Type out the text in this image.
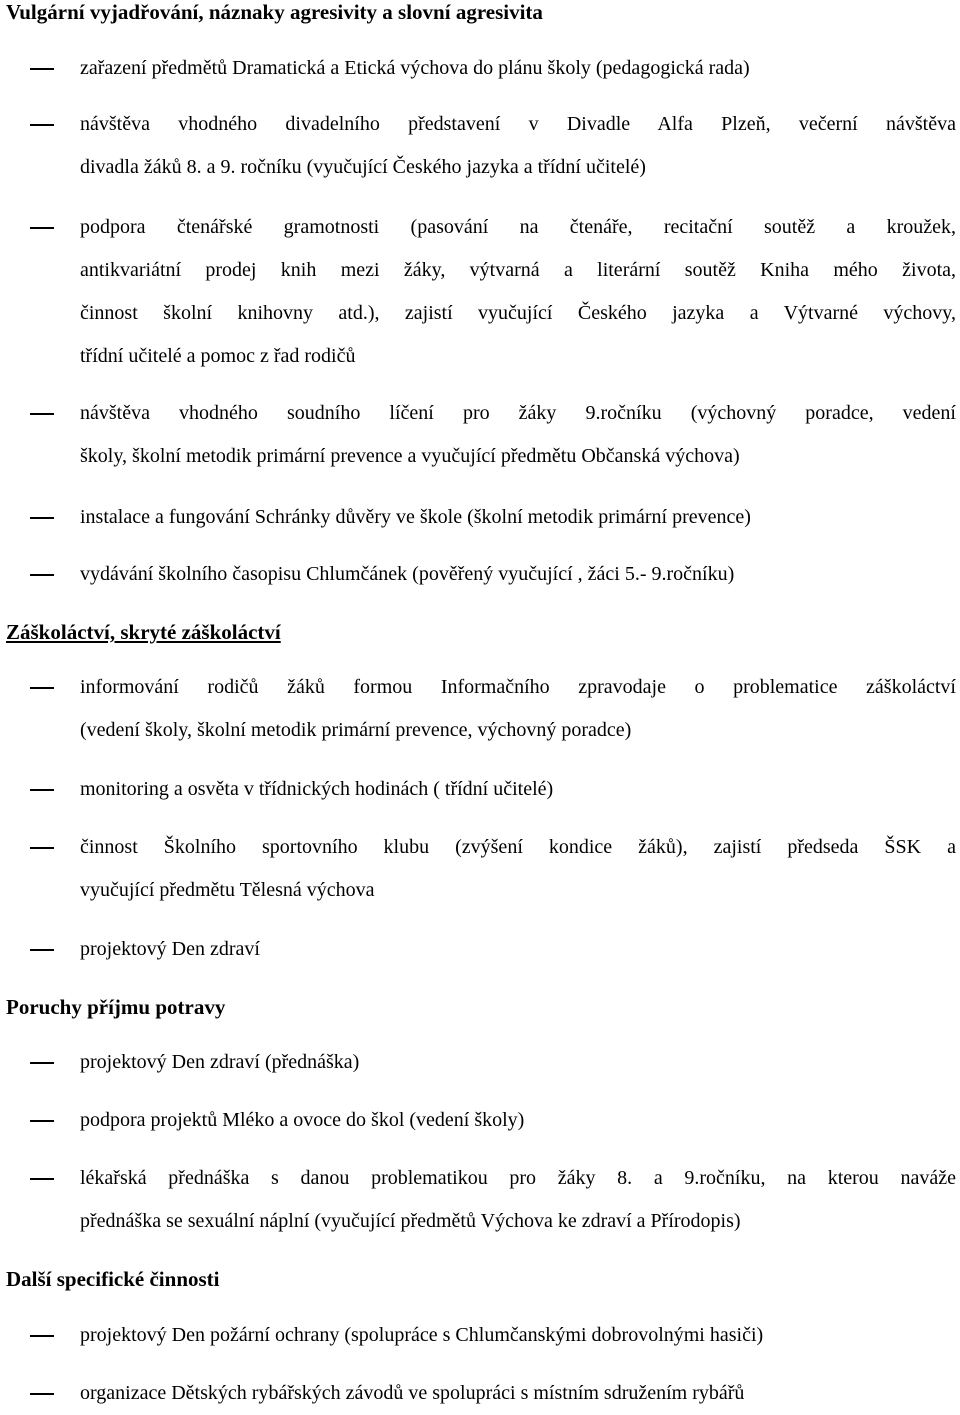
Vulgární vyjadřování, náznaky agresivity a slovní agresivita
zařazení předmětů Dramatická a Etická výchova do plánu školy (pedagogická rada)
návštěva vhodného divadelního představení v Divadle Alfa Plzeň, večerní návštěva
divadla žáků 8. a 9. ročníku (vyučující Českého jazyka a třídní učitelé)
podpora čtenářské gramotnosti (pasování na čtenáře, recitační soutěž a kroužek,
antikvariátní prodej knih mezi žáky, výtvarná a literární soutěž Kniha mého života,
činnost školní knihovny atd.), zajistí vyučující Českého jazyka a Výtvarné výchovy,
třídní učitelé a pomoc z řad rodičů
návštěva vhodného soudního líčení pro žáky 9.ročníku (výchovný poradce, vedení
školy, školní metodik primární prevence a vyučující předmětu Občanská výchova)
instalace a fungování Schránky důvěry ve škole (školní metodik primární prevence)
vydávání školního časopisu Chlumčánek (pověřený vyučující , žáci 5.- 9.ročníku)
Záškoláctví, skryté záškoláctví
informování rodičů žáků formou Informačního zpravodaje o problematice záškoláctví
(vedení školy, školní metodik primární prevence, výchovný poradce)
monitoring a osvěta v třídnických hodinách ( třídní učitelé)
činnost Školního sportovního klubu (zvýšení kondice žáků), zajistí předseda ŠSK a
vyučující předmětu Tělesná výchova
projektový Den zdraví
Poruchy příjmu potravy
projektový Den zdraví (přednáška)
podpora projektů Mléko a ovoce do škol (vedení školy)
lékařská přednáška s danou problematikou pro žáky 8. a 9.ročníku, na kterou naváže
přednáška se sexuální náplní (vyučující předmětů Výchova ke zdraví a Přírodopis)
Další specifické činnosti
projektový Den požární ochrany (spolupráce s Chlumčanskými dobrovolnými hasiči)
organizace Dětských rybářských závodů ve spolupráci s místním sdružením rybářů
